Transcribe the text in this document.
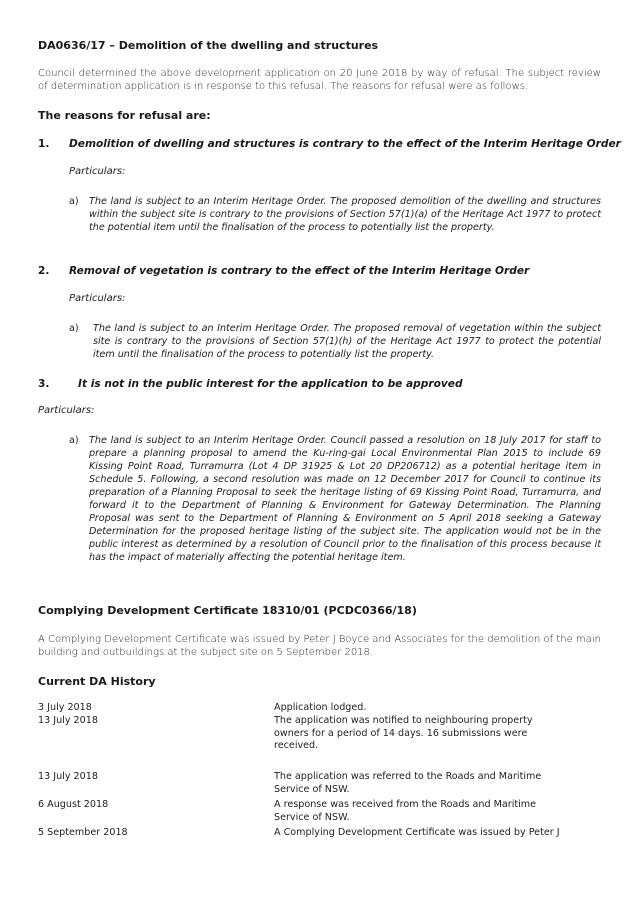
DA0636/17 – Demolition of the dwelling and structures
Council determined the above development application on 20 June 2018 by way of refusal. The subject review of determination application is in response to this refusal. The reasons for refusal were as follows:
The reasons for refusal are:
1. Demolition of dwelling and structures is contrary to the effect of the Interim Heritage Order
Particulars:
a) The land is subject to an Interim Heritage Order. The proposed demolition of the dwelling and structures within the subject site is contrary to the provisions of Section 57(1)(a) of the Heritage Act 1977 to protect the potential item until the finalisation of the process to potentially list the property.
2. Removal of vegetation is contrary to the effect of the Interim Heritage Order
Particulars:
a) The land is subject to an Interim Heritage Order. The proposed removal of vegetation within the subject site is contrary to the provisions of Section 57(1)(h) of the Heritage Act 1977 to protect the potential item until the finalisation of the process to potentially list the property.
3.	It is not in the public interest for the application to be approved
Particulars:
a) The land is subject to an Interim Heritage Order. Council passed a resolution on 18 July 2017 for staff to prepare a planning proposal to amend the Ku-ring-gai Local Environmental Plan 2015 to include 69 Kissing Point Road, Turramurra (Lot 4 DP 31925 & Lot 20 DP206712) as a potential heritage item in Schedule 5. Following, a second resolution was made on 12 December 2017 for Council to continue its preparation of a Planning Proposal to seek the heritage listing of 69 Kissing Point Road, Turramurra, and forward it to the Department of Planning & Environment for Gateway Determination. The Planning Proposal was sent to the Department of Planning & Environment on 5 April 2018 seeking a Gateway Determination for the proposed heritage listing of the subject site. The application would not be in the public interest as determined by a resolution of Council prior to the finalisation of this process because it has the impact of materially affecting the potential heritage item.
Complying Development Certificate 18310/01 (PCDC0366/18)
A Complying Development Certificate was issued by Peter J Boyce and Associates for the demolition of the main building and outbuildings at the subject site on 5 September 2018.
Current DA History
3 July 2018	Application lodged.
13 July 2018	The application was notified to neighbouring property owners for a period of 14 days. 16 submissions were received.
13 July 2018	The application was referred to the Roads and Maritime Service of NSW.
6 August 2018	A response was received from the Roads and Maritime Service of NSW.
5 September 2018	A Complying Development Certificate was issued by Peter J
